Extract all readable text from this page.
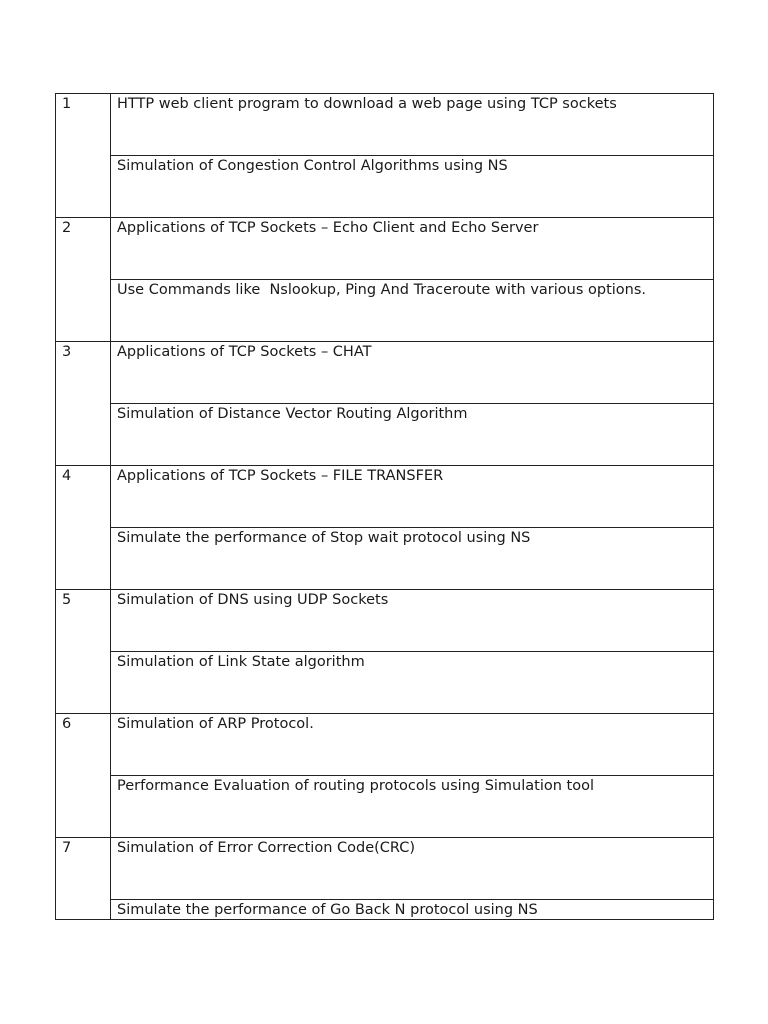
1	HTTP web client program to download a web page using TCP sockets
	Simulation of Congestion Control Algorithms using NS
2	Applications of TCP Sockets – Echo Client and Echo Server
	Use Commands like  Nslookup, Ping And Traceroute with various options.
3	Applications of TCP Sockets – CHAT
	Simulation of Distance Vector Routing Algorithm
4	Applications of TCP Sockets – FILE TRANSFER
	Simulate the performance of Stop wait protocol using NS
5	Simulation of DNS using UDP Sockets
	Simulation of Link State algorithm
6	Simulation of ARP Protocol.
	Performance Evaluation of routing protocols using Simulation tool
7	Simulation of Error Correction Code(CRC)
	Simulate the performance of Go Back N protocol using NS
